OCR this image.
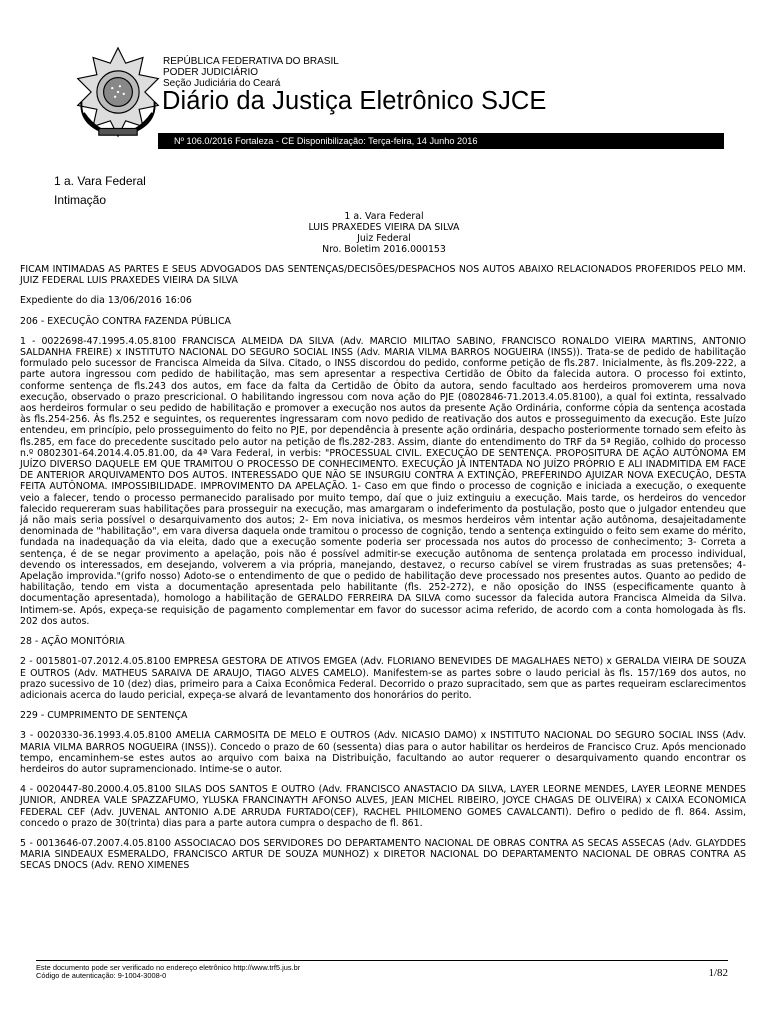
REPÚBLICA FEDERATIVA DO BRASIL
PODER JUDICIÁRIO
Seção Judiciária do Ceará
Diário da Justiça Eletrônico SJCE
Nº 106.0/2016 Fortaleza - CE Disponibilização: Terça-feira, 14 Junho 2016
1 a. Vara Federal
Intimação
1 a. Vara Federal
LUIS PRAXEDES VIEIRA DA SILVA
Juiz Federal
Nro. Boletim 2016.000153

FICAM INTIMADAS AS PARTES E SEUS ADVOGADOS DAS SENTENÇAS/DECISÕES/DESPACHOS NOS AUTOS ABAIXO RELACIONADOS PROFERIDOS PELO MM. JUIZ FEDERAL LUIS PRAXEDES VIEIRA DA SILVA

Expediente do dia 13/06/2016 16:06

206 - EXECUÇÃO CONTRA FAZENDA PÚBLICA

1 - 0022698-47.1995.4.05.8100 FRANCISCA ALMEIDA DA SILVA (Adv. MARCIO MILITAO SABINO, FRANCISCO RONALDO VIEIRA MARTINS, ANTONIO SALDANHA FREIRE) x INSTITUTO NACIONAL DO SEGURO SOCIAL INSS (Adv. MARIA VILMA BARROS NOGUEIRA (INSS)). Trata-se de pedido de habilitação formulado pelo sucessor de Francisca Almeida da Silva. Citado, o INSS discordou do pedido, conforme petição de fls.287. Inicialmente, às fls.209-222, a parte autora ingressou com pedido de habilitação, mas sem apresentar a respectiva Certidão de Óbito da falecida autora. O processo foi extinto, conforme sentença de fls.243 dos autos, em face da falta da Certidão de Óbito da autora, sendo facultado aos herdeiros promoverem uma nova execução, observado o prazo prescricional. O habilitando ingressou com nova ação do PJE (0802846-71.2013.4.05.8100), a qual foi extinta, ressalvado aos herdeiros formular o seu pedido de habilitação e promover a execução nos autos da presente Ação Ordinária, conforme cópia da sentença acostada às fls.254-256. Às fls.252 e seguintes, os requerentes ingressaram com novo pedido de reativação dos autos e prosseguimento da execução. Este Juízo entendeu, em princípio, pelo prosseguimento do feito no PJE, por dependência à presente ação ordinária, despacho posteriormente tornado sem efeito às fls.285, em face do precedente suscitado pelo autor na petição de fls.282-283. Assim, diante do entendimento do TRF da 5ª Região, colhido do processo n.º 0802301-64.2014.4.05.81.00, da 4ª Vara Federal, in verbis: "PROCESSUAL CIVIL. EXECUÇÃO DE SENTENÇA. PROPOSITURA DE AÇÃO AUTÔNOMA EM JUÍZO DIVERSO DAQUELE EM QUE TRAMITOU O PROCESSO DE CONHECIMENTO. EXECUÇÃO JÁ INTENTADA NO JUÍZO PRÓPRIO E ALI INADMITIDA EM FACE DE ANTERIOR ARQUIVAMENTO DOS AUTOS. INTERESSADO QUE NÃO SE INSURGIU CONTRA A EXTINÇÃO, PREFERINDO AJUIZAR NOVA EXECUÇÃO, DESTA FEITA AUTÔNOMA. IMPOSSIBILIDADE. IMPROVIMENTO DA APELAÇÃO. 1- Caso em que findo o processo de cognição e iniciada a execução, o exequente veio a falecer, tendo o processo permanecido paralisado por muito tempo, daí que o juiz extinguiu a execução. Mais tarde, os herdeiros do vencedor falecido requereram suas habilitações para prosseguir na execução, mas amargaram o indeferimento da postulação, posto que o julgador entendeu que já não mais seria possível o desarquivamento dos autos; 2- Em nova iniciativa, os mesmos herdeiros vêm intentar ação autônoma, desajeitadamente denominada de "habilitação", em vara diversa daquela onde tramitou o processo de cognição, tendo a sentença extinguido o feito sem exame do mérito, fundada na inadequação da via eleita, dado que a execução somente poderia ser processada nos autos do processo de conhecimento; 3- Correta a sentença, é de se negar provimento a apelação, pois não é possível admitir-se execução autônoma de sentença prolatada em processo individual, devendo os interessados, em desejando, volverem a via própria, manejando, destavez, o recurso cabível se virem frustradas as suas pretensões; 4- Apelação improvida."(grifo nosso) Adoto-se o entendimento de que o pedido de habilitação deve processado nos presentes autos. Quanto ao pedido de habilitação, tendo em vista a documentação apresentada pelo habilitante (fls. 252-272), e não oposição do INSS (especificamente quanto à documentação apresentada), homologo a habilitação de GERALDO FERREIRA DA SILVA como sucessor da falecida autora Francisca Almeida da Silva. Intimem-se. Após, expeça-se requisição de pagamento complementar em favor do sucessor acima referido, de acordo com a conta homologada às fls. 202 dos autos.

28 - AÇÃO MONITÓRIA

2 - 0015801-07.2012.4.05.8100 EMPRESA GESTORA DE ATIVOS EMGEA (Adv. FLORIANO BENEVIDES DE MAGALHAES NETO) x GERALDA VIEIRA DE SOUZA E OUTROS (Adv. MATHEUS SARAIVA DE ARAUJO, TIAGO ALVES CAMELO). Manifestem-se as partes sobre o laudo pericial às fls. 157/169 dos autos, no prazo sucessivo de 10 (dez) dias, primeiro para a Caixa Econômica Federal. Decorrido o prazo supracitado, sem que as partes requeiram esclarecimentos adicionais acerca do laudo pericial, expeça-se alvará de levantamento dos honorários do perito.

229 - CUMPRIMENTO DE SENTENÇA

3 - 0020330-36.1993.4.05.8100 AMELIA CARMOSITA DE MELO E OUTROS (Adv. NICASIO DAMO) x INSTITUTO NACIONAL DO SEGURO SOCIAL INSS (Adv. MARIA VILMA BARROS NOGUEIRA (INSS)). Concedo o prazo de 60 (sessenta) dias para o autor habilitar os herdeiros de Francisco Cruz. Após mencionado tempo, encaminhem-se estes autos ao arquivo com baixa na Distribuição, facultando ao autor requerer o desarquivamento quando encontrar os herdeiros do autor supramencionado. Intime-se o autor.

4 - 0020447-80.2000.4.05.8100 SILAS DOS SANTOS E OUTRO (Adv. FRANCISCO ANASTACIO DA SILVA, LAYER LEORNE MENDES, LAYER LEORNE MENDES JUNIOR, ANDREA VALE SPAZZAFUMO, YLUSKA FRANCINAYTH AFONSO ALVES, JEAN MICHEL RIBEIRO, JOYCE CHAGAS DE OLIVEIRA) x CAIXA ECONOMICA FEDERAL CEF (Adv. JUVENAL ANTONIO A.DE ARRUDA FURTADO(CEF), RACHEL PHILOMENO GOMES CAVALCANTI). Defiro o pedido de fl. 864. Assim, concedo o prazo de 30(trinta) dias para a parte autora cumpra o despacho de fl. 861.

5 - 0013646-07.2007.4.05.8100 ASSOCIACAO DOS SERVIDORES DO DEPARTAMENTO NACIONAL DE OBRAS CONTRA AS SECAS ASSECAS (Adv. GLAYDDES MARIA SINDEAUX ESMERALDO, FRANCISCO ARTUR DE SOUZA MUNHOZ) x DIRETOR NACIONAL DO DEPARTAMENTO NACIONAL DE OBRAS CONTRA AS SECAS DNOCS (Adv. RENO XIMENES

Este documento pode ser verificado no endereço eletrônico http://www.trf5.jus.br
Código de autenticação: 9-1004-3008-0	1/82
